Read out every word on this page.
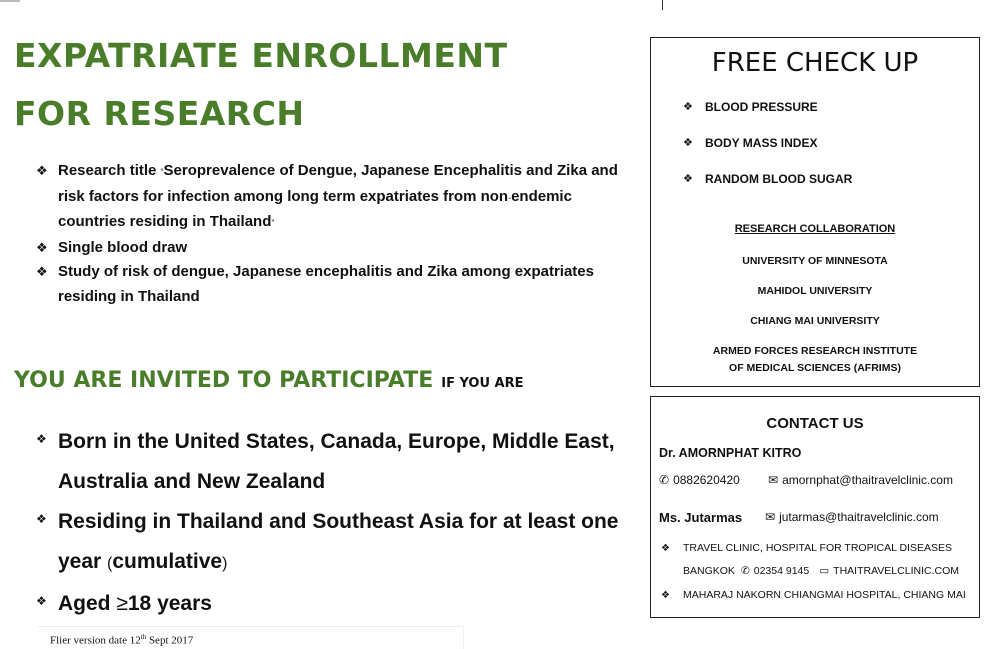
EXPATRIATE ENROLLMENT
FOR RESEARCH
❖ Research title “Seroprevalence of Dengue, Japanese Encephalitis and Zika and risk factors for infection among long term expatriates from non-endemic countries residing in Thailand”
❖ Single blood draw
❖ Study of risk of dengue, Japanese encephalitis and Zika among expatriates residing in Thailand
YOU ARE INVITED TO PARTICIPATE IF YOU ARE
❖ Born in the United States, Canada, Europe, Middle East, Australia and New Zealand
❖ Residing in Thailand and Southeast Asia for at least one year (cumulative)
❖ Aged ≥18 years
Flier version date 12th Sept 2017
FREE CHECK UP
❖	BLOOD PRESSURE
❖	BODY MASS INDEX
❖	RANDOM BLOOD SUGAR
RESEARCH COLLABORATION
UNIVERSITY OF MINNESOTA
MAHIDOL UNIVERSITY
CHIANG MAI UNIVERSITY
ARMED FORCES RESEARCH INSTITUTE
OF MEDICAL SCIENCES (AFRIMS)
CONTACT US
Dr. AMORNPHAT KITRO
✆ 0882620420 ✉ amornphat@thaitravelclinic.com
Ms. Jutarmas ✉ jutarmas@thaitravelclinic.com
❖	TRAVEL CLINIC, HOSPITAL FOR TROPICAL DISEASES
BANGKOK ✆ 02354 9145 ▭ THAITRAVELCLINIC.COM
❖	MAHARAJ NAKORN CHIANGMAI HOSPITAL, CHIANG MAI
